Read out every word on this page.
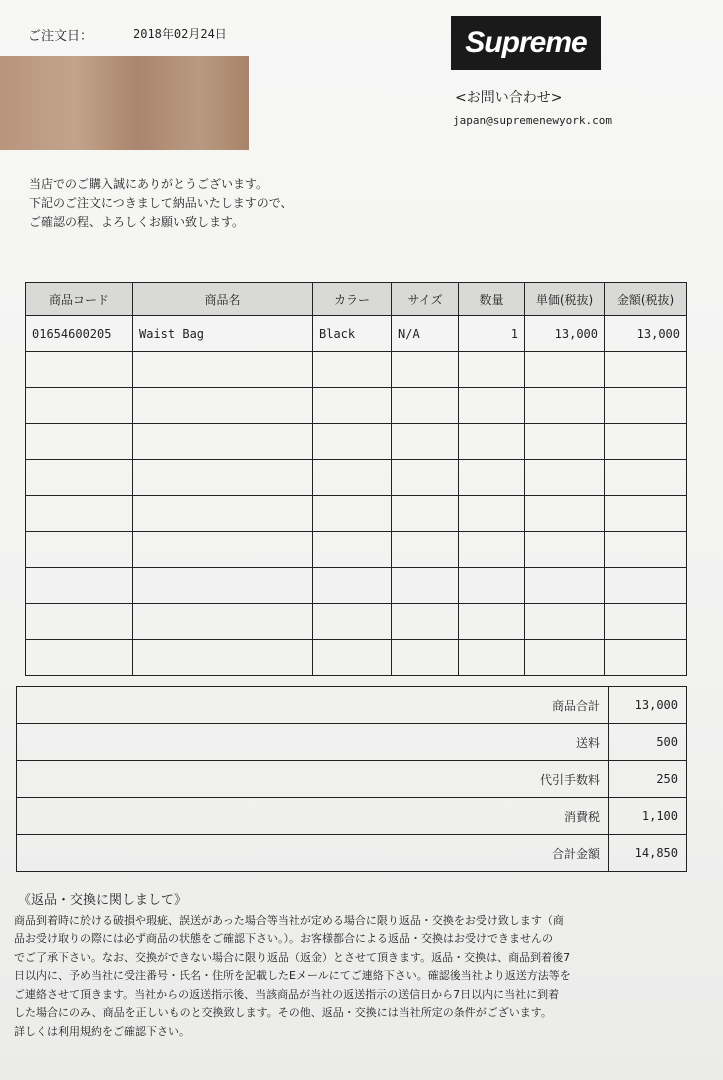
ご注文日：	2018年02月24日	Supreme
<お問い合わせ>
japan@supremenewyork.com
当店でのご購入誠にありがとうございます。
下記のご注文につきまして納品いたしますので、
ご確認の程、よろしくお願い致します。
商品コード	商品名	カラー	サイズ	数量	単価(税抜)	金額(税抜)
01654600205	Waist Bag	Black	N/A	1	13,000	13,000

商品合計	13,000
送料	500
代引手数料	250
消費税	1,100
合計金額	14,850
《返品・交換に関しまして》
商品到着時に於ける破損や瑕疵、誤送があった場合等当社が定める場合に限り返品・交換をお受け致します（商
品お受け取りの際には必ず商品の状態をご確認下さい。）。お客様都合による返品・交換はお受けできませんの
でご了承下さい。なお、交換ができない場合に限り返品（返金）とさせて頂きます。返品・交換は、商品到着後7
日以内に、予め当社に受注番号・氏名・住所を記載したEメールにてご連絡下さい。確認後当社より返送方法等を
ご連絡させて頂きます。当社からの返送指示後、当該商品が当社の返送指示の送信日から7日以内に当社に到着
した場合にのみ、商品を正しいものと交換致します。その他、返品・交換には当社所定の条件がございます。
詳しくは利用規約をご確認下さい。
